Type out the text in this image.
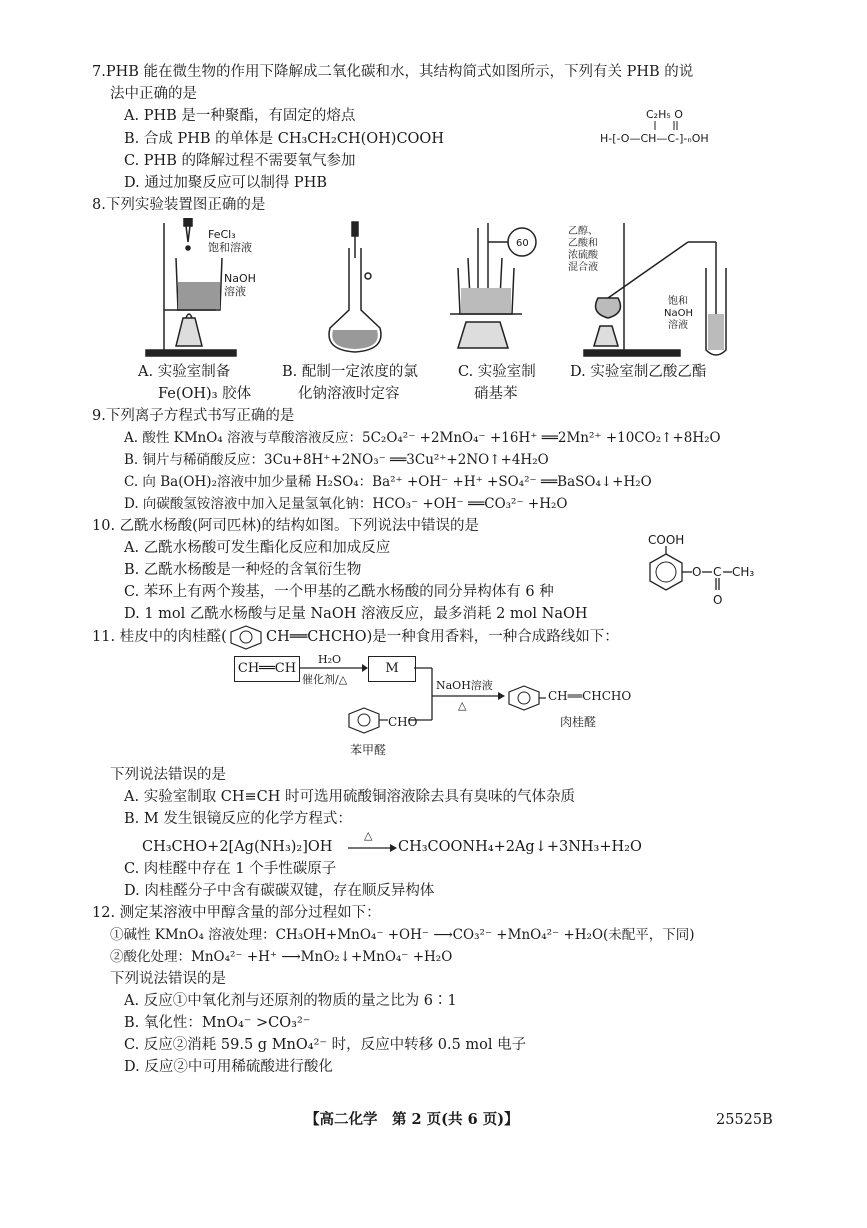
7.PHB 能在微生物的作用下降解成二氧化碳和水，其结构简式如图所示，下列有关 PHB 的说
法中正确的是
A. PHB 是一种聚酯，有固定的熔点
B. 合成 PHB 的单体是 CH₃CH₂CH(OH)COOH
C. PHB 的降解过程不需要氧气参加
D. 通过加聚反应可以制得 PHB
C₂H₅ O
H-[-O—CH—C-]-ₙOH
8.下列实验装置图正确的是
FeCl₃
饱和溶液
NaOH
溶液
60
乙醇、
乙酸和
浓硫酸
混合液
饱和
NaOH
溶液
A. 实验室制备
Fe(OH)₃ 胶体
B. 配制一定浓度的氯
化钠溶液时定容
C. 实验室制
硝基苯
D. 实验室制乙酸乙酯
9.下列离子方程式书写正确的是
A. 酸性 KMnO₄ 溶液与草酸溶液反应：5C₂O₄²⁻ +2MnO₄⁻ +16H⁺ ══2Mn²⁺ +10CO₂↑+8H₂O
B. 铜片与稀硝酸反应：3Cu+8H⁺+2NO₃⁻ ══3Cu²⁺+2NO↑+4H₂O
C. 向 Ba(OH)₂溶液中加少量稀 H₂SO₄：Ba²⁺ +OH⁻ +H⁺ +SO₄²⁻ ══BaSO₄↓+H₂O
D. 向碳酸氢铵溶液中加入足量氢氧化钠：HCO₃⁻ +OH⁻ ══CO₃²⁻ +H₂O
10. 乙酰水杨酸(阿司匹林)的结构如图。下列说法中错误的是
A. 乙酰水杨酸可发生酯化反应和加成反应
B. 乙酰水杨酸是一种烃的含氧衍生物
C. 苯环上有两个羧基，一个甲基的乙酰水杨酸的同分异构体有 6 种
D. 1 mol 乙酰水杨酸与足量 NaOH 溶液反应，最多消耗 2 mol NaOH
COOH
O C CH₃
O
11. 桂皮中的肉桂醛(	CH══CHCHO)是一种食用香料，一种合成路线如下：
CH══CH
H₂O
催化剂/△
M
NaOH溶液
△
CH══CHCHO
肉桂醛
CHO
苯甲醛
下列说法错误的是
A. 实验室制取 CH≡CH 时可选用硫酸铜溶液除去具有臭味的气体杂质
B. M 发生银镜反应的化学方程式：
CH₃CHO+2[Ag(NH₃)₂]OH
△
CH₃COONH₄+2Ag↓+3NH₃+H₂O
C. 肉桂醛中存在 1 个手性碳原子
D. 肉桂醛分子中含有碳碳双键，存在顺反异构体
12. 测定某溶液中甲醇含量的部分过程如下：
①碱性 KMnO₄ 溶液处理：CH₃OH+MnO₄⁻ +OH⁻ ⟶CO₃²⁻ +MnO₄²⁻ +H₂O(未配平，下同)
②酸化处理：MnO₄²⁻ +H⁺ ⟶MnO₂↓+MnO₄⁻ +H₂O
下列说法错误的是
A. 反应①中氧化剂与还原剂的物质的量之比为 6∶1
B. 氧化性：MnO₄⁻ >CO₃²⁻
C. 反应②消耗 59.5 g MnO₄²⁻ 时，反应中转移 0.5 mol 电子
D. 反应②中可用稀硫酸进行酸化
【高二化学　第 2 页(共 6 页)】	25525B
